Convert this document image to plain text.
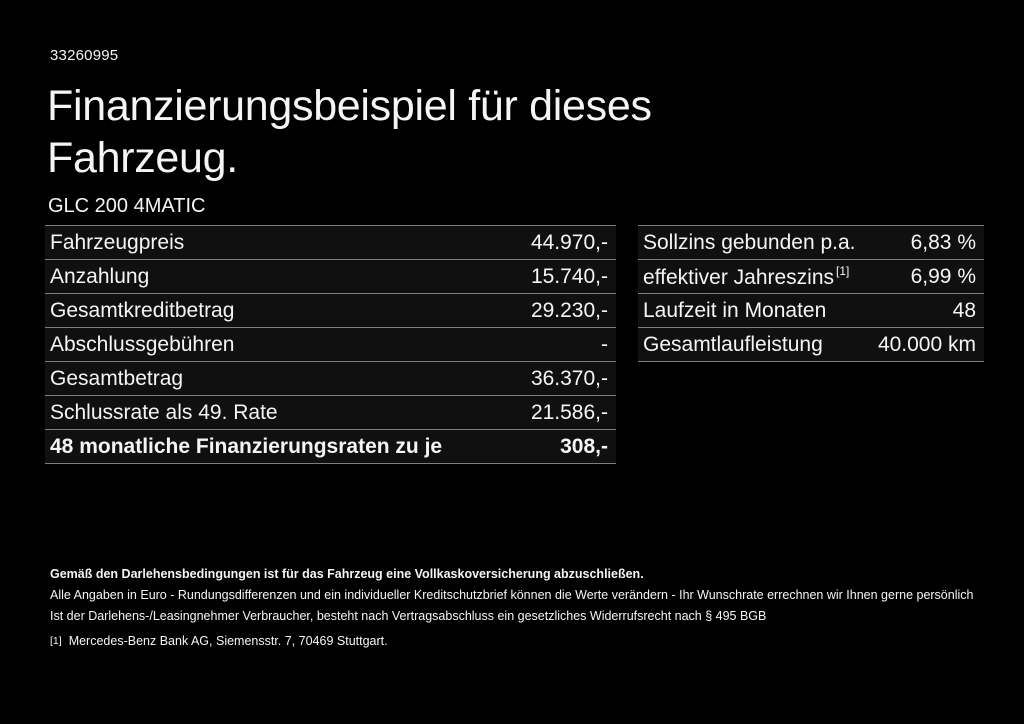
33260995
Finanzierungsbeispiel für dieses Fahrzeug.
GLC 200 4MATIC
Fahrzeugpreis	44.970,-
Anzahlung	15.740,-
Gesamtkreditbetrag	29.230,-
Abschlussgebühren	-
Gesamtbetrag	36.370,-
Schlussrate als 49. Rate	21.586,-
48 monatliche Finanzierungsraten zu je	308,-
Sollzins gebunden p.a.	6,83 %
effektiver Jahreszins [1]	6,99 %
Laufzeit in Monaten	48
Gesamtlaufleistung	40.000 km

Gemäß den Darlehensbedingungen ist für das Fahrzeug eine Vollkaskoversicherung abzuschließen.

Alle Angaben in Euro - Rundungsdifferenzen und ein individueller Kreditschutzbrief können die Werte verändern - Ihr Wunschrate errechnen wir Ihnen gerne persönlich

Ist der Darlehens-/Leasingnehmer Verbraucher, besteht nach Vertragsabschluss ein gesetzliches Widerrufsrecht nach § 495 BGB

[1] Mercedes-Benz Bank AG, Siemensstr. 7, 70469 Stuttgart.
